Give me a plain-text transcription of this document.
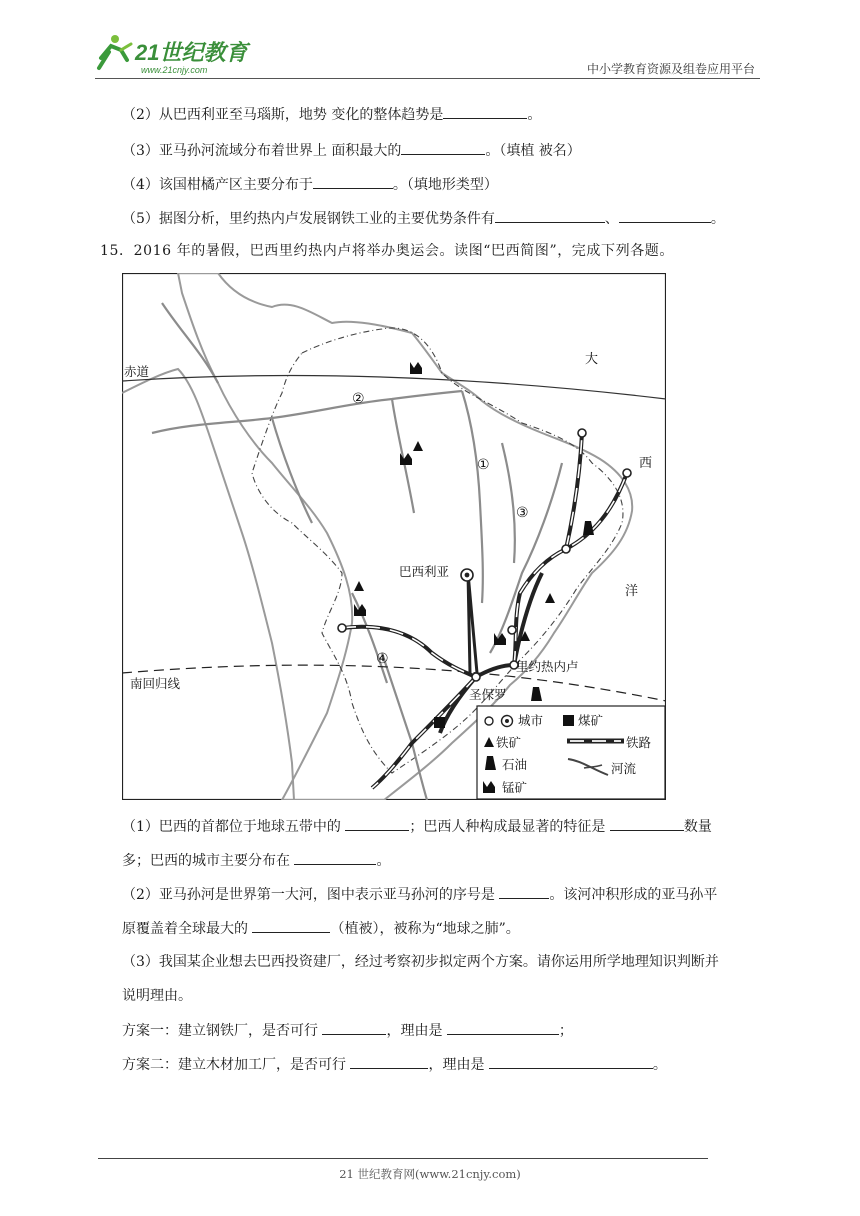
21世纪教育
www.21cnjy.com	中小学教育资源及组卷应用平台
（2）从巴西利亚至马瑙斯，地势 变化的整体趋势是	。
（3）亚马孙河流域分布着世界上 面积最大的	。（填植 被名）
（4）该国柑橘产区主要分布于	。（填地形类型）
（5）据图分析，里约热内卢发展钢铁工业的主要优势条件有	、	。
15．2016 年的暑假，巴西里约热内卢将举办奥运会。读图“巴西简图”，完成下列各题。
赤道
南回归线
大
西
洋
巴西利亚
里约热内卢
圣保罗
①
②
③
④
城市	煤矿
铁矿	铁路
石油	河流
锰矿
（1）巴西的首都位于地球五带中的	；巴西人种构成最显著的特征是	数量
多；巴西的城市主要分布在	。
（2）亚马孙河是世界第一大河，图中表示亚马孙河的序号是	。该河冲积形成的亚马孙平
原覆盖着全球最大的	（植被），被称为“地球之肺”。
（3）我国某企业想去巴西投资建厂，经过考察初步拟定两个方案。请你运用所学地理知识判断并
说明理由。
方案一：建立钢铁厂，是否可行	，理由是	；
方案二：建立木材加工厂，是否可行	，理由是	。
21 世纪教育网(www.21cnjy.com)
